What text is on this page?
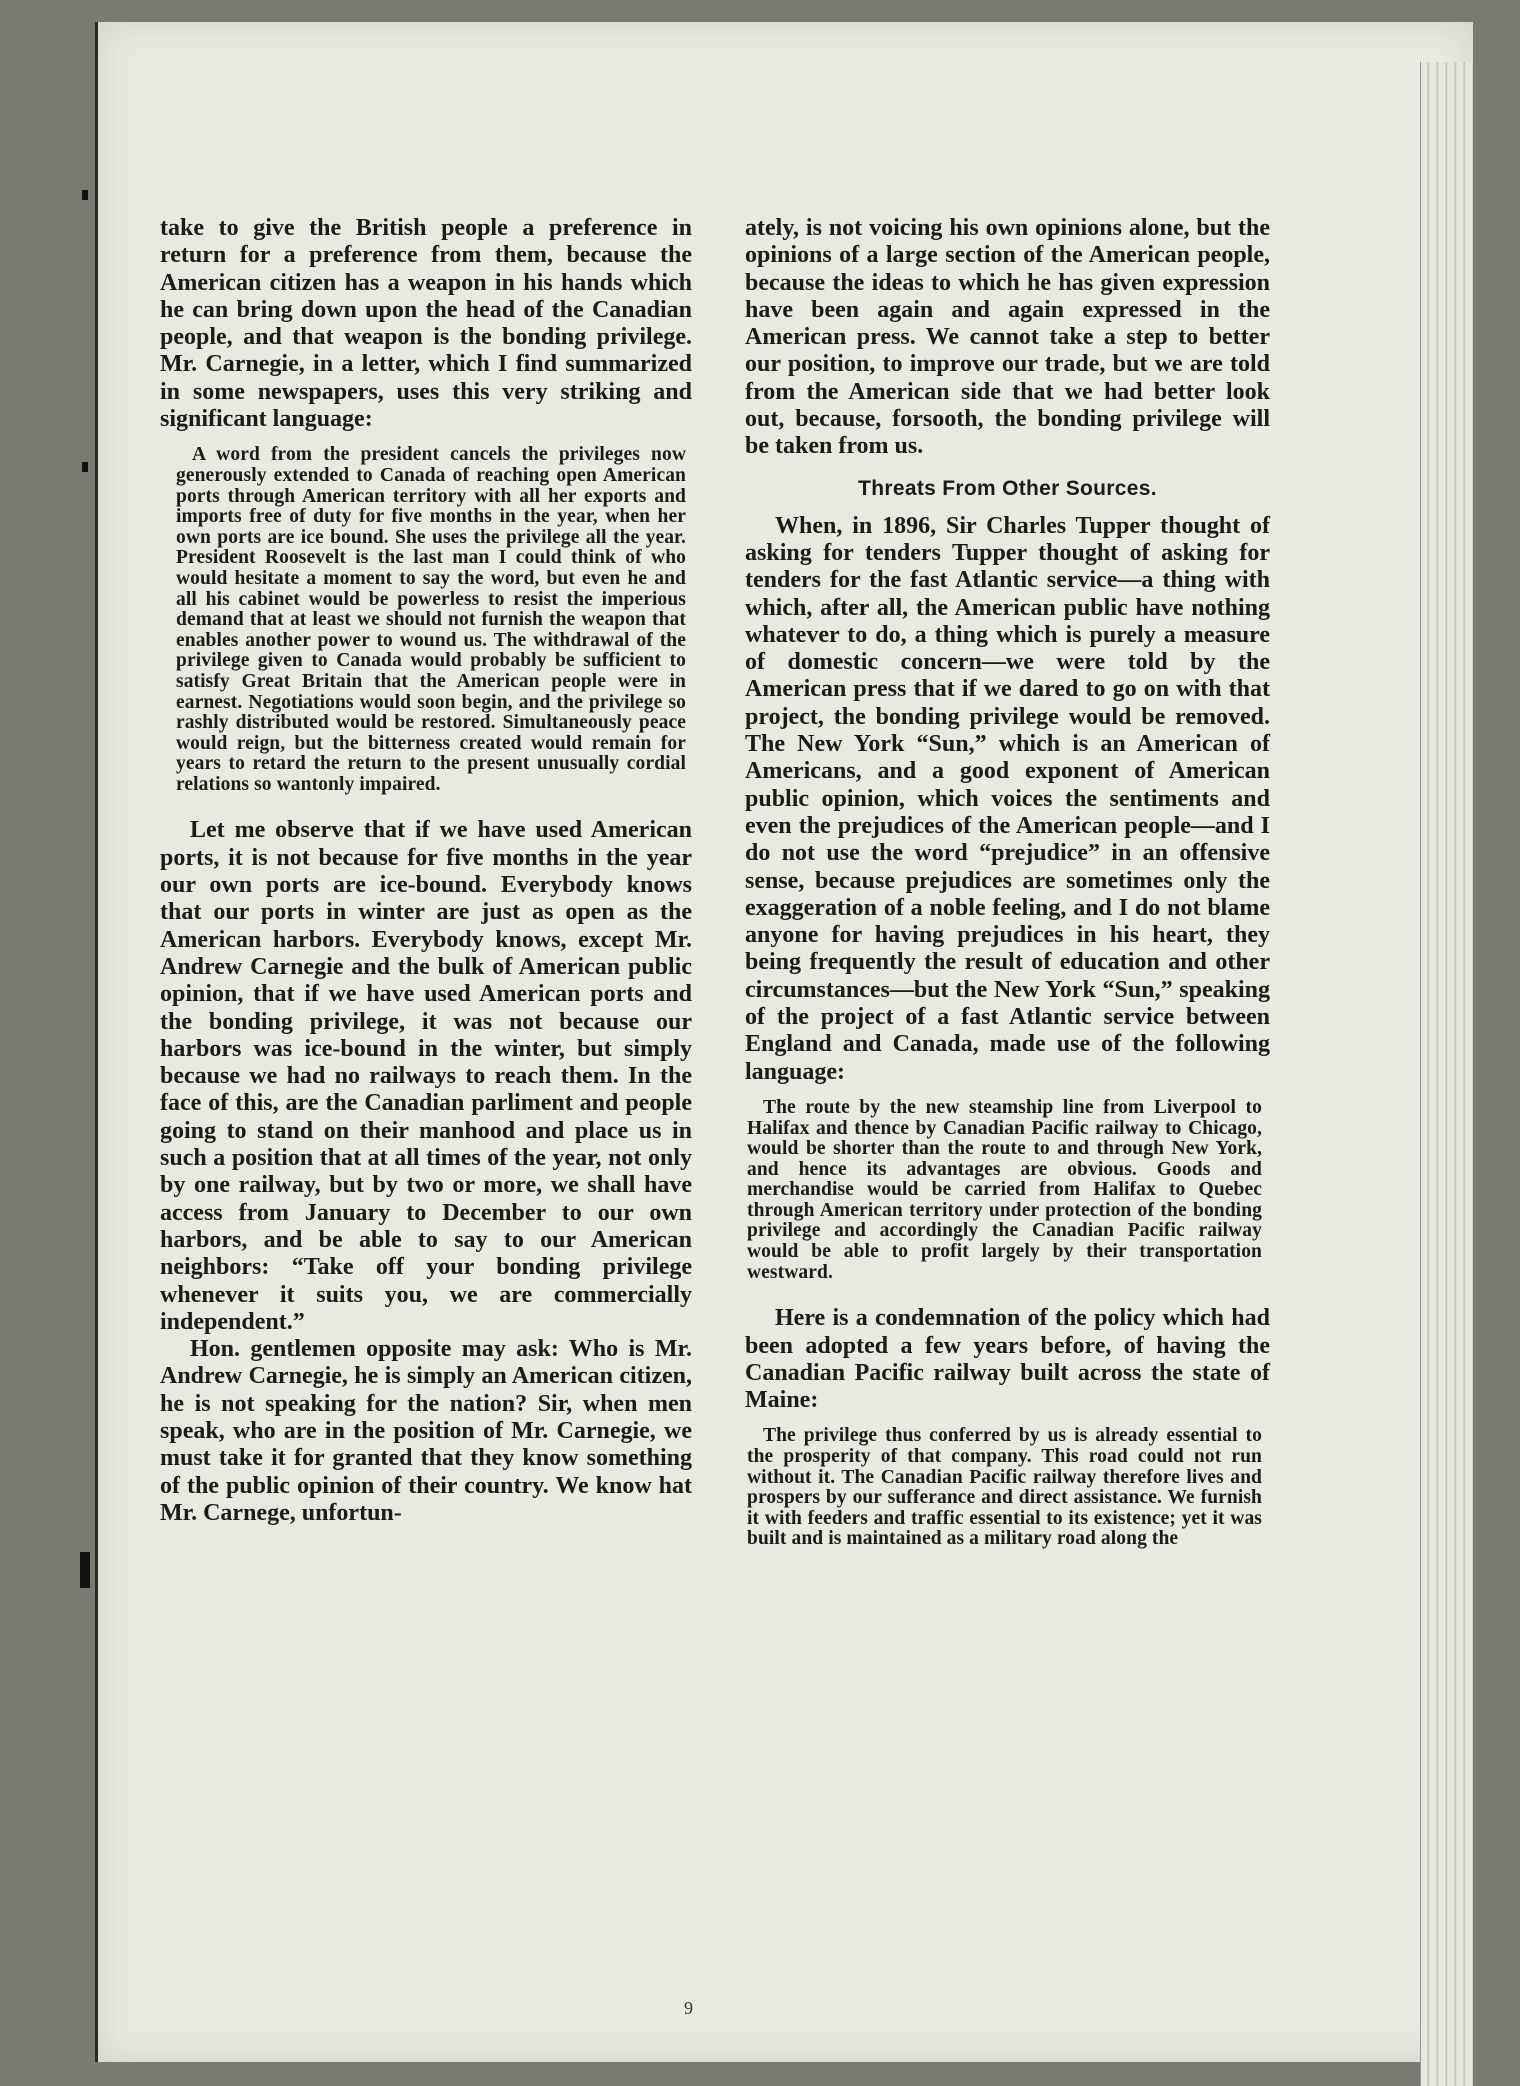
take to give the British people a preference in return for a preference from them, because the American citizen has a weapon in his hands which he can bring down upon the head of the Canadian people, and that weapon is the bonding privilege. Mr. Carnegie, in a letter, which I find summarized in some newspapers, uses this very striking and significant language:

A word from the president cancels the privileges now generously extended to Canada of reaching open American ports through American territory with all her exports and imports free of duty for five months in the year, when her own ports are ice bound. She uses the privilege all the year. President Roosevelt is the last man I could think of who would hesitate a moment to say the word, but even he and all his cabinet would be powerless to resist the imperious demand that at least we should not furnish the weapon that enables another power to wound us. The withdrawal of the privilege given to Canada would probably be sufficient to satisfy Great Britain that the American people were in earnest. Negotiations would soon begin, and the privilege so rashly distributed would be restored. Simultaneously peace would reign, but the bitterness created would remain for years to retard the return to the present unusually cordial relations so wantonly impaired.

Let me observe that if we have used American ports, it is not because for five months in the year our own ports are ice-bound. Everybody knows that our ports in winter are just as open as the American harbors. Everybody knows, except Mr. Andrew Carnegie and the bulk of American public opinion, that if we have used American ports and the bonding privilege, it was not because our harbors was ice-bound in the winter, but simply because we had no railways to reach them. In the face of this, are the Canadian parliment and people going to stand on their manhood and place us in such a position that at all times of the year, not only by one railway, but by two or more, we shall have access from January to December to our own harbors, and be able to say to our American neighbors: “Take off your bonding privilege whenever it suits you, we are commercially independent.”

Hon. gentlemen opposite may ask: Who is Mr. Andrew Carnegie, he is simply an American citizen, he is not speaking for the nation? Sir, when men speak, who are in the position of Mr. Carnegie, we must take it for granted that they know something of the public opinion of their country. We know hat Mr. Carnege, unfortun-

ately, is not voicing his own opinions alone, but the opinions of a large section of the American people, because the ideas to which he has given expression have been again and again expressed in the American press. We cannot take a step to better our position, to improve our trade, but we are told from the American side that we had better look out, because, forsooth, the bonding privilege will be taken from us.

Threats From Other Sources.

When, in 1896, Sir Charles Tupper thought of asking for tenders Tupper thought of asking for tenders for the fast Atlantic service—a thing with which, after all, the American public have nothing whatever to do, a thing which is purely a measure of domestic concern—we were told by the American press that if we dared to go on with that project, the bonding privilege would be removed. The New York “Sun,” which is an American of Americans, and a good exponent of American public opinion, which voices the sentiments and even the prejudices of the American people—and I do not use the word “prejudice” in an offensive sense, because prejudices are sometimes only the exaggeration of a noble feeling, and I do not blame anyone for having prejudices in his heart, they being frequently the result of education and other circumstances—but the New York “Sun,” speaking of the project of a fast Atlantic service between England and Canada, made use of the following language:

The route by the new steamship line from Liverpool to Halifax and thence by Canadian Pacific railway to Chicago, would be shorter than the route to and through New York, and hence its advantages are obvious. Goods and merchandise would be carried from Halifax to Quebec through American territory under protection of the bonding privilege and accordingly the Canadian Pacific railway would be able to profit largely by their transportation westward.

Here is a condemnation of the policy which had been adopted a few years before, of having the Canadian Pacific railway built across the state of Maine:

The privilege thus conferred by us is already essential to the prosperity of that company. This road could not run without it. The Canadian Pacific railway therefore lives and prospers by our sufferance and direct assistance. We furnish it with feeders and traffic essential to its existence; yet it was built and is maintained as a military road along the

9
